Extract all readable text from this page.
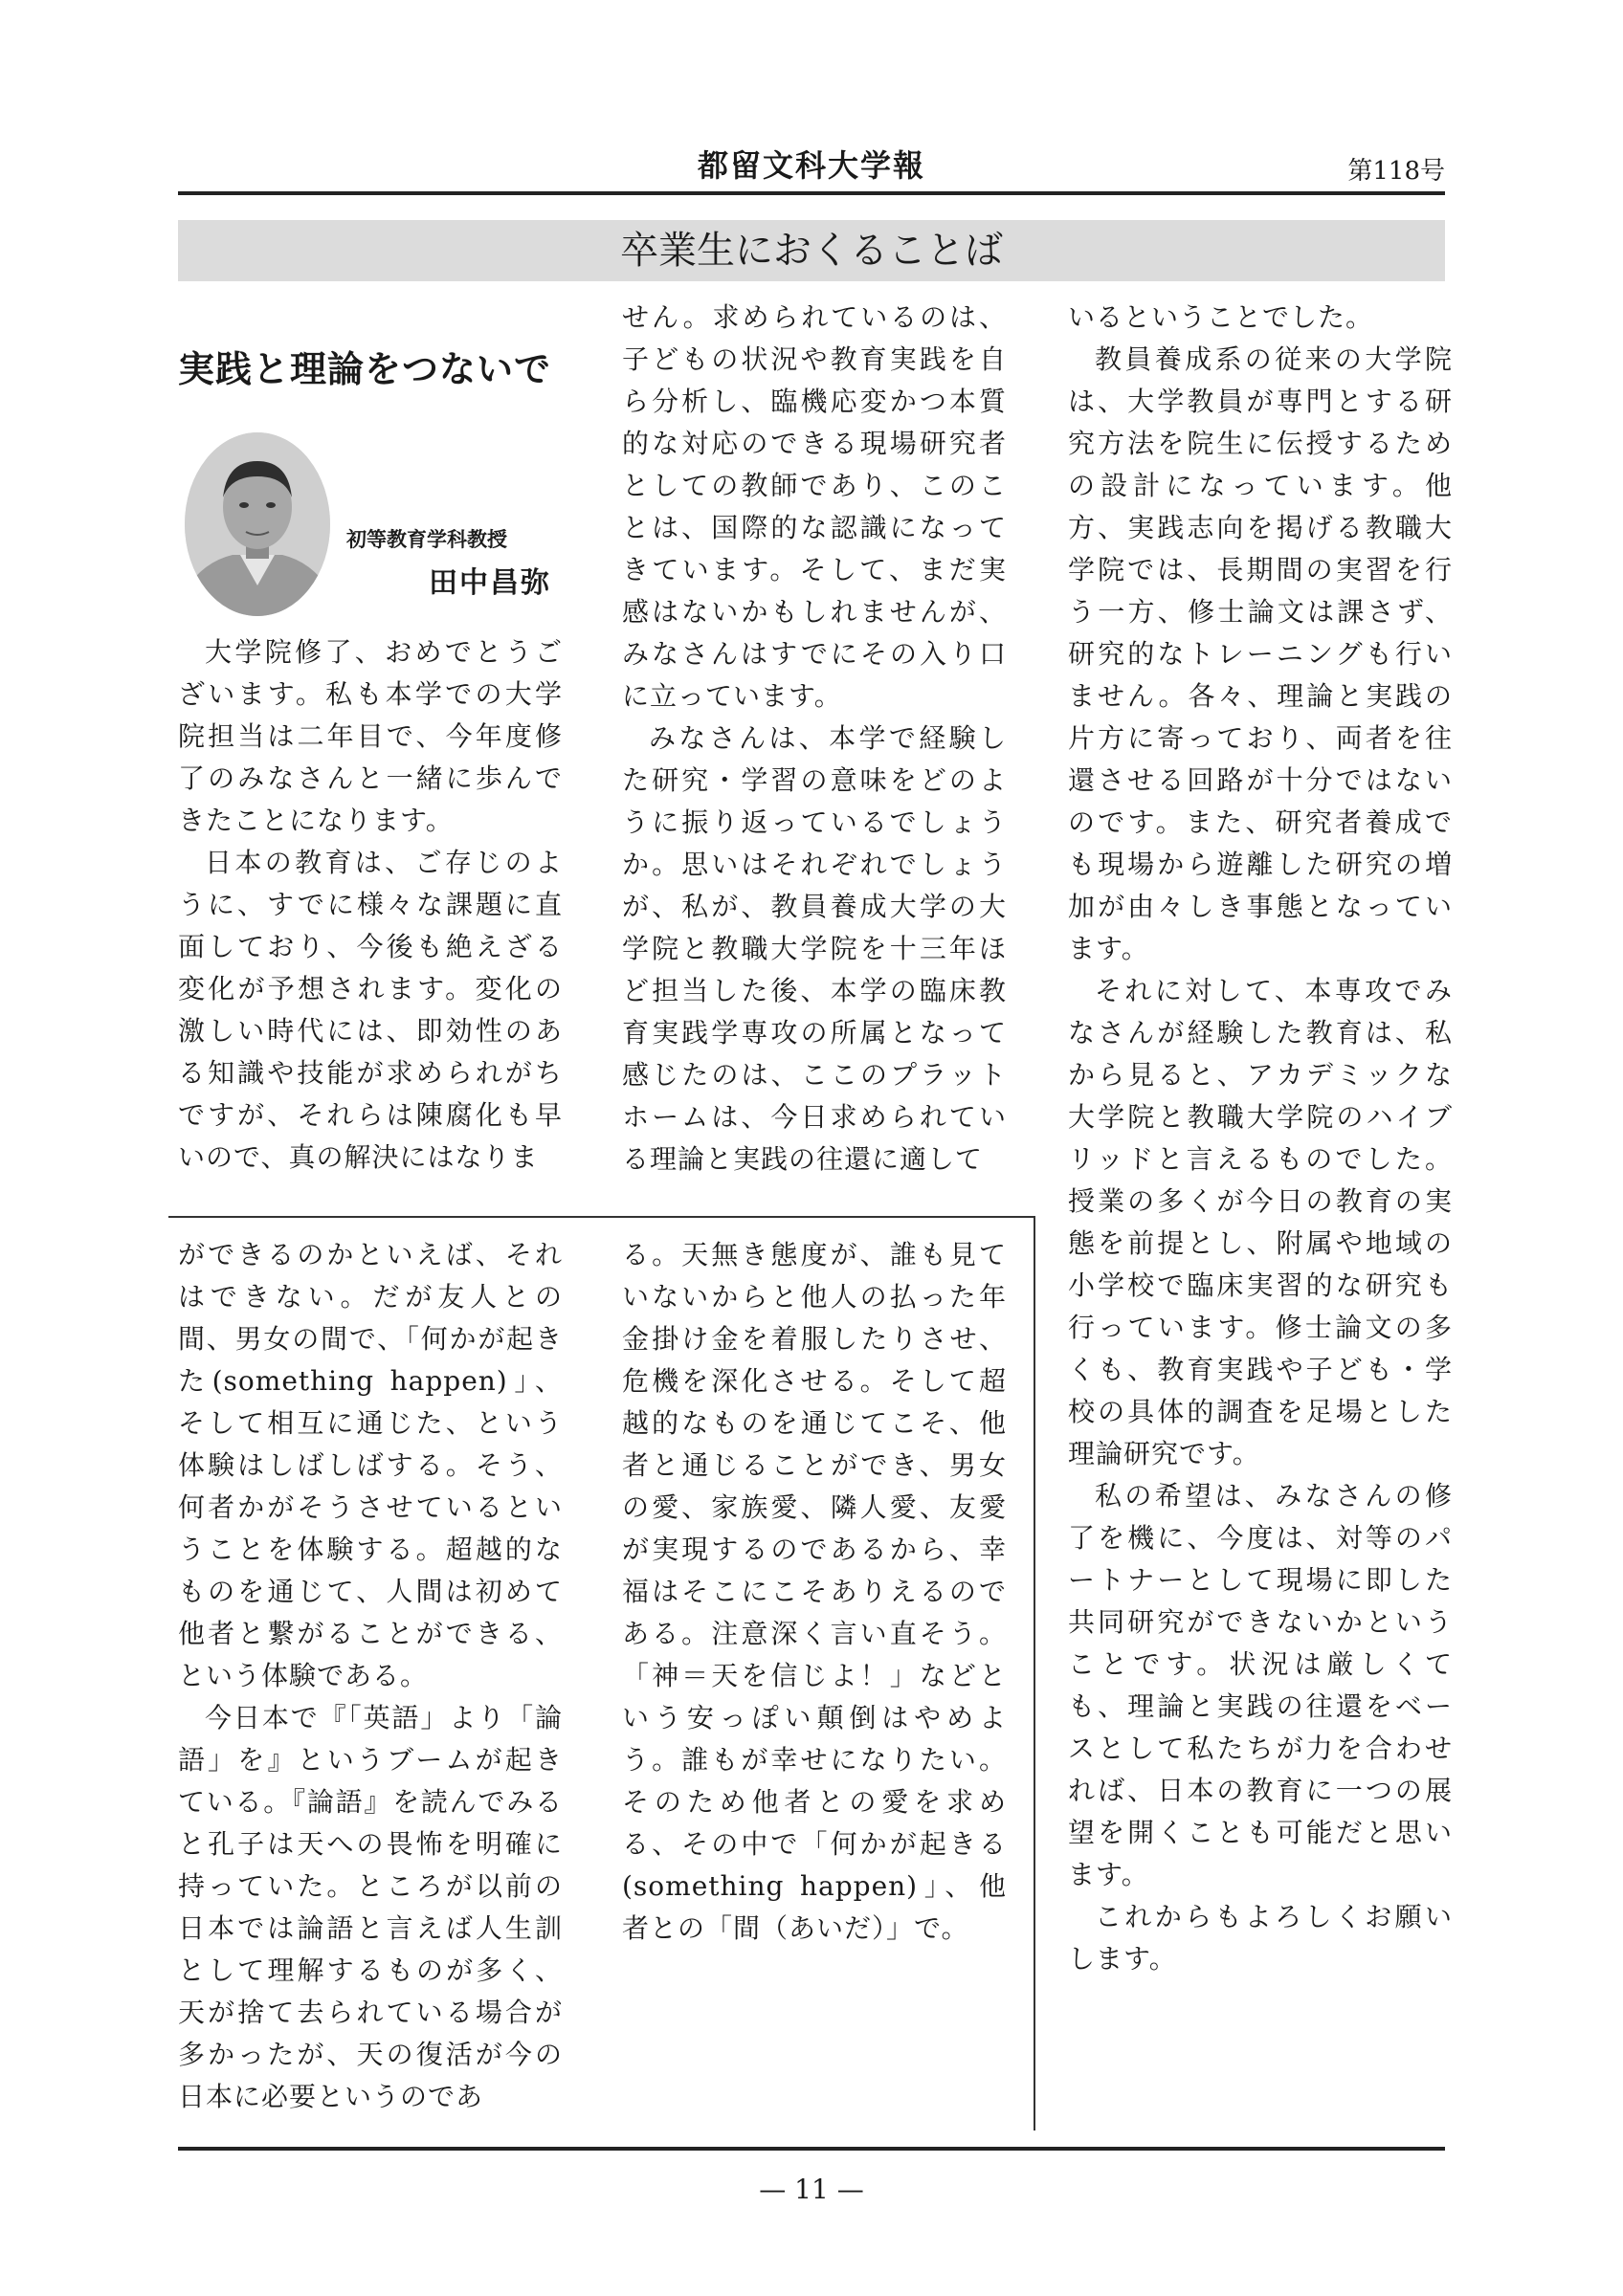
都留文科大学報	第118号
卒業生におくることば
実践と理論をつないで
初等教育学科教授
田中昌弥

大学院修了、おめでとうございます。私も本学での大学院担当は二年目で、今年度修了のみなさんと一緒に歩んできたことになります。

日本の教育は、ご存じのように、すでに様々な課題に直面しており、今後も絶えざる変化が予想されます。変化の激しい時代には、即効性のある知識や技能が求められがちですが、それらは陳腐化も早いので、真の解決にはなりま

せん。求められているのは、子どもの状況や教育実践を自ら分析し、臨機応変かつ本質的な対応のできる現場研究者としての教師であり、このことは、国際的な認識になってきています。そして、まだ実感はないかもしれませんが、みなさんはすでにその入り口に立っています。

みなさんは、本学で経験した研究・学習の意味をどのように振り返っているでしょうか。思いはそれぞれでしょうが、私が、教員養成大学の大学院と教職大学院を十三年ほど担当した後、本学の臨床教育実践学専攻の所属となって感じたのは、ここのプラットホームは、今日求められている理論と実践の往還に適して

いるということでした。

教員養成系の従来の大学院は、大学教員が専門とする研究方法を院生に伝授するための設計になっています。他方、実践志向を掲げる教職大学院では、長期間の実習を行う一方、修士論文は課さず、研究的なトレーニングも行いません。各々、理論と実践の片方に寄っており、両者を往還させる回路が十分ではないのです。また、研究者養成でも現場から遊離した研究の増加が由々しき事態となっています。

それに対して、本専攻でみなさんが経験した教育は、私から見ると、アカデミックな大学院と教職大学院のハイブリッドと言えるものでした。授業の多くが今日の教育の実態を前提とし、附属や地域の小学校で臨床実習的な研究も行っています。修士論文の多くも、教育実践や子ども・学校の具体的調査を足場とした理論研究です。

私の希望は、みなさんの修了を機に、今度は、対等のパートナーとして現場に即した共同研究ができないかということです。状況は厳しくても、理論と実践の往還をベースとして私たちが力を合わせれば、日本の教育に一つの展望を開くことも可能だと思います。

これからもよろしくお願いします。

ができるのかといえば、それはできない。だが友人との間、男女の間で、「何かが起きた(something happen)」、そして相互に通じた、という体験はしばしばする。そう、何者かがそうさせているということを体験する。超越的なものを通じて、人間は初めて他者と繋がることができる、という体験である。

今日本で『「英語」より「論語」を』というブームが起きている。『論語』を読んでみると孔子は天への畏怖を明確に持っていた。ところが以前の日本では論語と言えば人生訓として理解するものが多く、天が捨て去られている場合が多かったが、天の復活が今の日本に必要というのであ

る。天無き態度が、誰も見ていないからと他人の払った年金掛け金を着服したりさせ、危機を深化させる。そして超越的なものを通じてこそ、他者と通じることができ、男女の愛、家族愛、隣人愛、友愛が実現するのであるから、幸福はそこにこそありえるのである。注意深く言い直そう。「神＝天を信じよ！」などという安っぽい顛倒はやめよう。誰もが幸せになりたい。そのため他者との愛を求める、その中で「何かが起きる(something happen)」、他者との「間（あいだ）」で。

— 11 —
